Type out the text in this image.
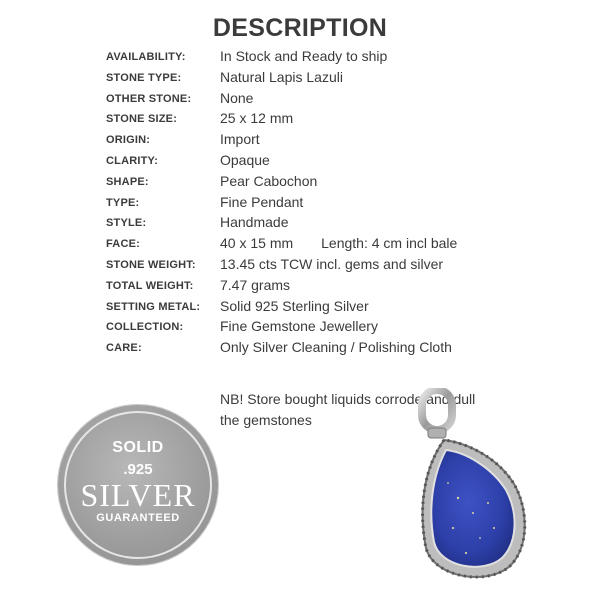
DESCRIPTION
AVAILABILITY:	In Stock and Ready to ship
STONE TYPE:	Natural Lapis Lazuli
OTHER STONE:	None
STONE SIZE:	25 x 12 mm
ORIGIN:	Import
CLARITY:	Opaque
SHAPE:	Pear Cabochon
TYPE:	Fine Pendant
STYLE:	Handmade
FACE:	40 x 15 mm Length: 4 cm incl bale
STONE WEIGHT:	13.45 cts TCW incl. gems and silver
TOTAL WEIGHT:	7.47 grams
SETTING METAL:	Solid 925 Sterling Silver
COLLECTION:	Fine Gemstone Jewellery
CARE:	Only Silver Cleaning / Polishing Cloth
NB! Store bought liquids corrode and dull
the gemstones
SOLID
.925
SILVER
GUARANTEED
